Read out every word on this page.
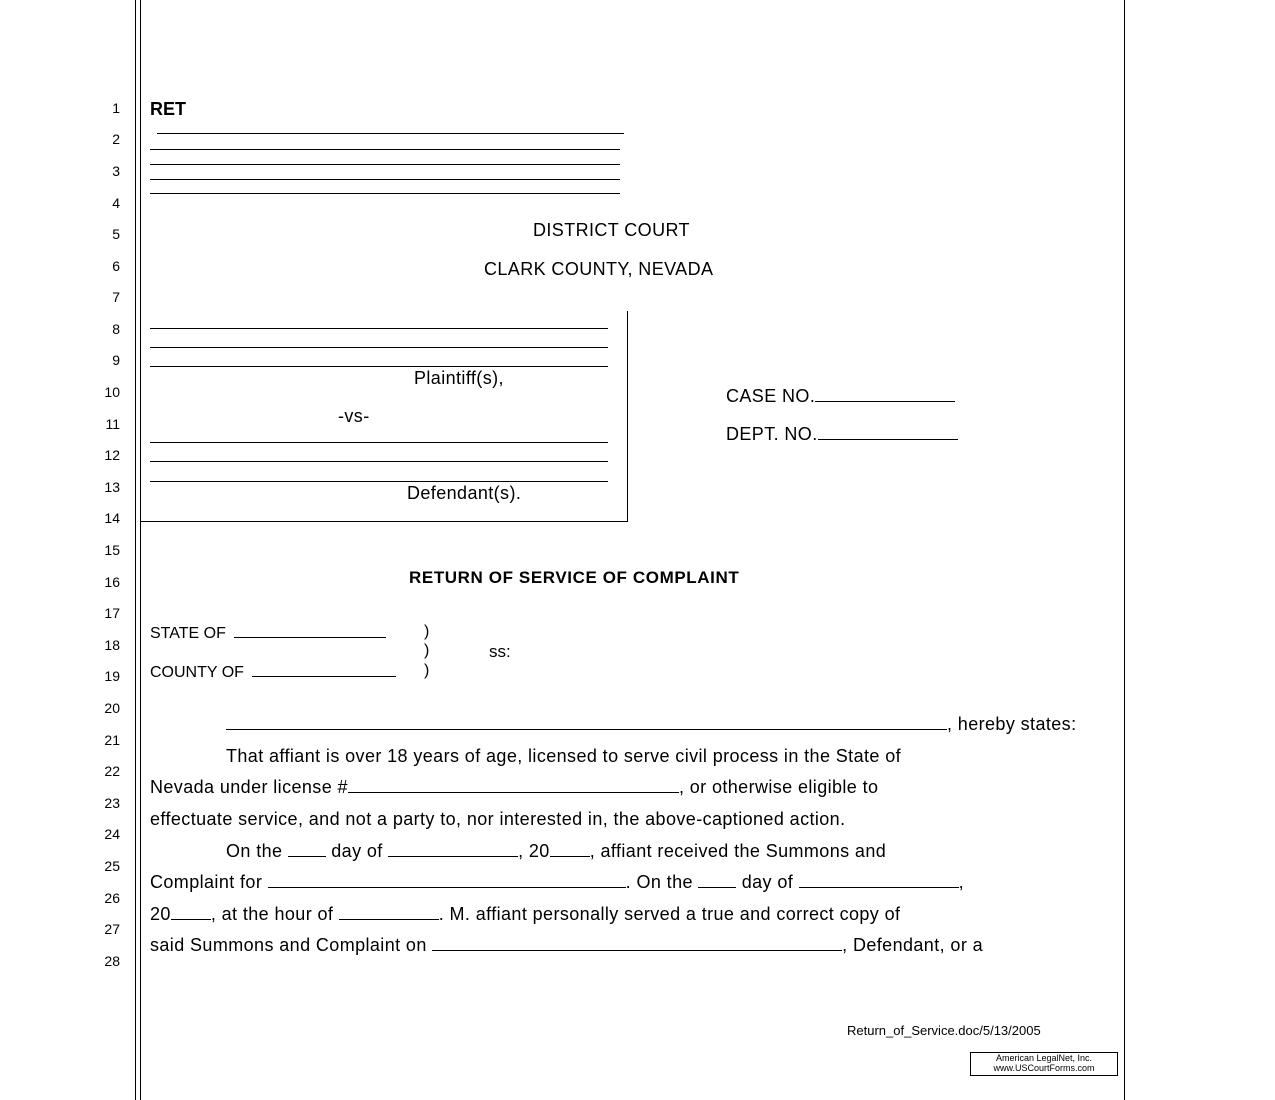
1
2
3
4
5
6
7
8
9
10
11
12
13
14
15
16
17
18
19
20
21
22
23
24
25
26
27
28
RET
DISTRICT COURT
CLARK COUNTY, NEVADA
Plaintiff(s),
-vs-
Defendant(s).
CASE NO.
DEPT. NO.
RETURN OF SERVICE OF COMPLAINT
STATE OF
COUNTY OF
)
)
)
ss:
, hereby states:
That affiant is over 18 years of age, licensed to serve civil process in the State of
Nevada under license #	, or otherwise eligible to
effectuate service, and not a party to, nor interested in, the above-captioned action.
On the	day of	, 20 , affiant received the Summons and
Complaint for	. On the	day of	,
20 , at the hour of	. M. affiant personally served a true and correct copy of
said Summons and Complaint on	, Defendant, or a
Return_of_Service.doc/5/13/2005
American LegalNet, Inc.
www.USCourtForms.com
